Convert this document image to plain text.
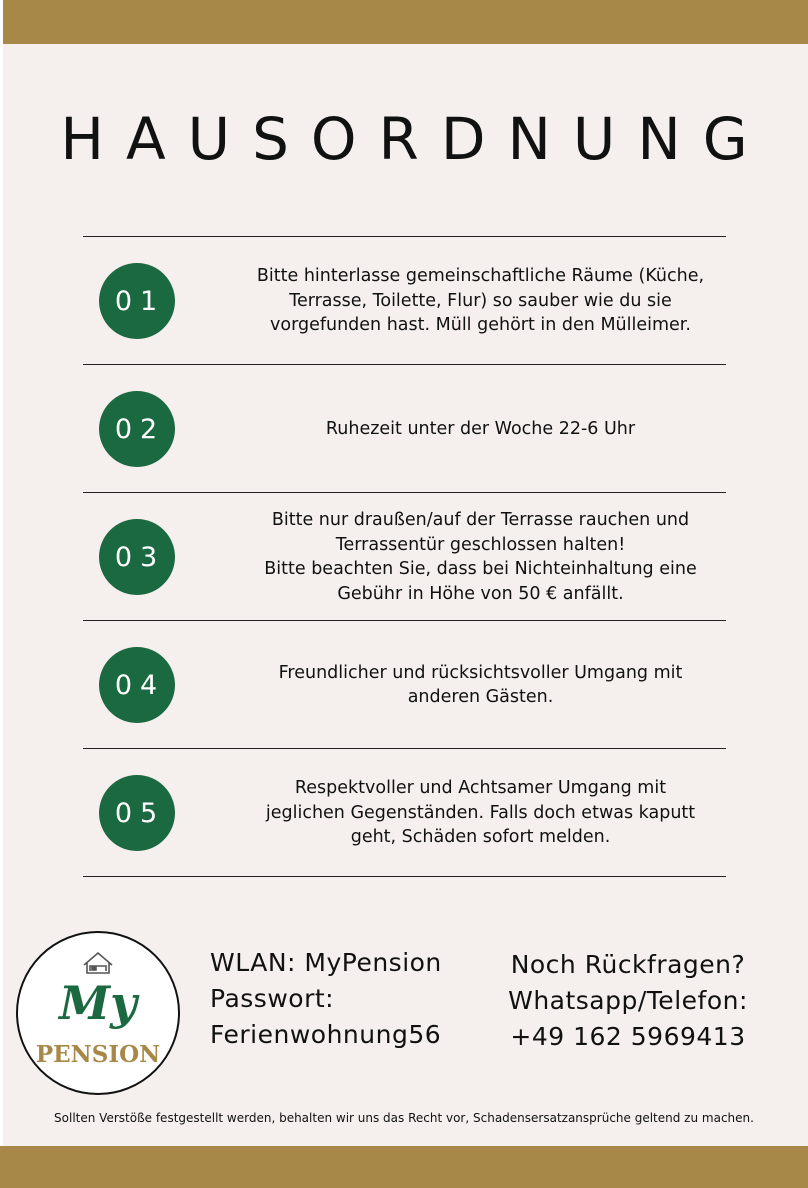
HAUSORDNUNG
01
Bitte hinterlasse gemeinschaftliche Räume (Küche,
Terrasse, Toilette, Flur) so sauber wie du sie
vorgefunden hast. Müll gehört in den Mülleimer.
02	Ruhezeit unter der Woche 22-6 Uhr
03
Bitte nur draußen/auf der Terrasse rauchen und
Terrassentür geschlossen halten!
Bitte beachten Sie, dass bei Nichteinhaltung eine
Gebühr in Höhe von 50 € anfällt.
04	Freundlicher und rücksichtsvoller Umgang mit
anderen Gästen.
05
Respektvoller und Achtsamer Umgang mit
jeglichen Gegenständen. Falls doch etwas kaputt
geht, Schäden sofort melden.
My
PENSION
WLAN: MyPension
Passwort:
Ferienwohnung56
Noch Rückfragen?
Whatsapp/Telefon:
+49 162 5969413
Sollten Verstöße festgestellt werden, behalten wir uns das Recht vor, Schadensersatzansprüche geltend zu machen.
